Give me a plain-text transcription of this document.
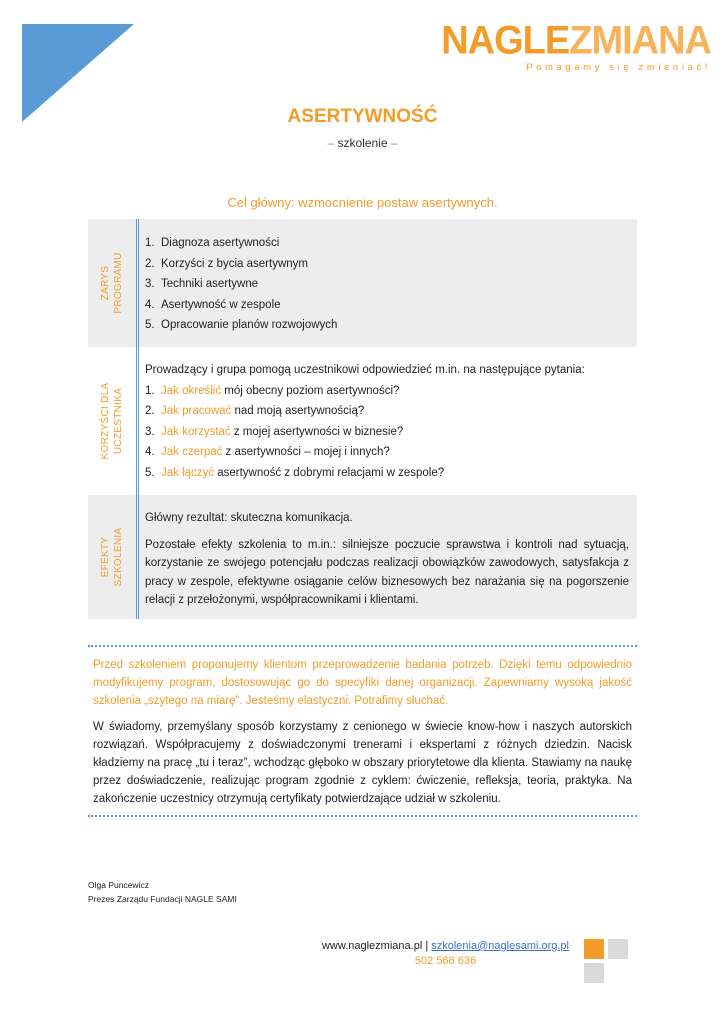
NAGLEZMIANA
Pomagamy się zmieniać!
ASERTYWNOŚĆ
– szkolenie –
Cel główny: wzmocnienie postaw asertywnych.
ZARYS PROGRAMU
1. Diagnoza asertywności
2. Korzyści z bycia asertywnym
3. Techniki asertywne
4. Asertywność w zespole
5. Opracowanie planów rozwojowych
KORZYŚCI DLA UCZESTNIKA
Prowadzący i grupa pomogą uczestnikowi odpowiedzieć m.in. na następujące pytania:
1. Jak określić mój obecny poziom asertywności?
2. Jak pracować nad moją asertywnością?
3. Jak korzystać z mojej asertywności w biznesie?
4. Jak czerpać z asertywności – mojej i innych?
5. Jak łączyć asertywność z dobrymi relacjami w zespole?
EFEKTY SZKOLENIA

Główny rezultat: skuteczna komunikacja.

Pozostałe efekty szkolenia to m.in.: silniejsze poczucie sprawstwa i kontroli nad sytuacją, korzystanie ze swojego potencjału podczas realizacji obowiązków zawodowych, satysfakcja z pracy w zespole, efektywne osiąganie celów biznesowych bez narażania się na pogorszenie relacji z przełożonymi, współpracownikami i klientami.

Przed szkoleniem proponujemy klientom przeprowadzenie badania potrzeb. Dzięki temu odpowiednio modyfikujemy program, dostosowując go do specyfiki danej organizacji. Zapewniamy wysoką jakość szkolenia „szytego na miarę”. Jesteśmy elastyczni. Potrafimy słuchać.

W świadomy, przemyślany sposób korzystamy z cenionego w świecie know-how i naszych autorskich rozwiązań. Współpracujemy z doświadczonymi trenerami i ekspertami z różnych dziedzin. Nacisk kładziemy na pracę „tu i teraz”, wchodząc głęboko w obszary priorytetowe dla klienta. Stawiamy na naukę przez doświadczenie, realizując program zgodnie z cyklem: ćwiczenie, refleksja, teoria, praktyka. Na zakończenie uczestnicy otrzymują certyfikaty potwierdzające udział w szkoleniu.

Olga Puncewicz
Prezes Zarządu Fundacji NAGLE SAMI
www.naglezmiana.pl | szkolenia@naglesami.org.pl
502 568 636
